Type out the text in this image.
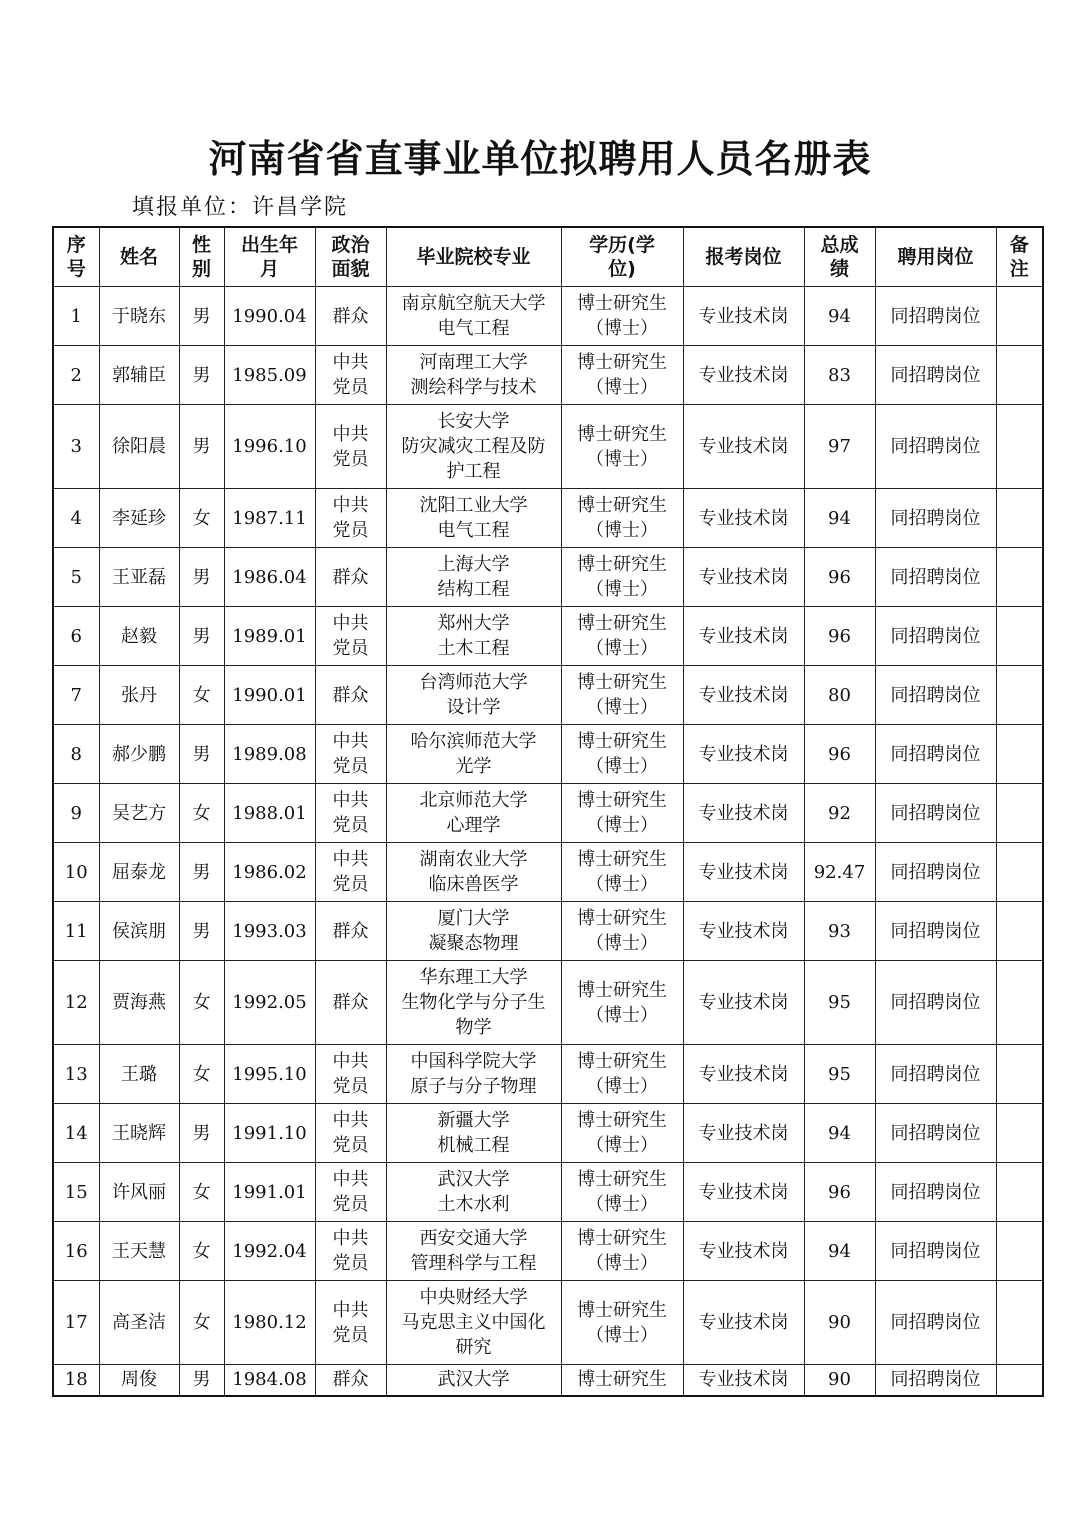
河南省省直事业单位拟聘用人员名册表
填报单位：许昌学院
序
号	姓名	性
别	出生年
月	政治
面貌	毕业院校专业	学历(学
位)	报考岗位	总成
绩	聘用岗位	备
注

1	于晓东	男	1990.04	群众	南京航空航天大学
电气工程	博士研究生
（博士）	专业技术岗	94	同招聘岗位	
2	郭辅臣	男	1985.09	中共
党员	河南理工大学
测绘科学与技术	博士研究生
（博士）	专业技术岗	83	同招聘岗位	
3	徐阳晨	男	1996.10	中共
党员	长安大学
防灾减灾工程及防
护工程	博士研究生
（博士）	专业技术岗	97	同招聘岗位	
4	李延珍	女	1987.11	中共
党员	沈阳工业大学
电气工程	博士研究生
（博士）	专业技术岗	94	同招聘岗位	
5	王亚磊	男	1986.04	群众	上海大学
结构工程	博士研究生
（博士）	专业技术岗	96	同招聘岗位	
6	赵毅	男	1989.01	中共
党员	郑州大学
土木工程	博士研究生
（博士）	专业技术岗	96	同招聘岗位	
7	张丹	女	1990.01	群众	台湾师范大学
设计学	博士研究生
（博士）	专业技术岗	80	同招聘岗位	
8	郝少鹏	男	1989.08	中共
党员	哈尔滨师范大学
光学	博士研究生
（博士）	专业技术岗	96	同招聘岗位	
9	吴艺方	女	1988.01	中共
党员	北京师范大学
心理学	博士研究生
（博士）	专业技术岗	92	同招聘岗位	
10	屈泰龙	男	1986.02	中共
党员	湖南农业大学
临床兽医学	博士研究生
（博士）	专业技术岗	92.47	同招聘岗位	
11	侯滨朋	男	1993.03	群众	厦门大学
凝聚态物理	博士研究生
（博士）	专业技术岗	93	同招聘岗位	
12	贾海燕	女	1992.05	群众	华东理工大学
生物化学与分子生
物学	博士研究生
（博士）	专业技术岗	95	同招聘岗位	
13	王璐	女	1995.10	中共
党员	中国科学院大学
原子与分子物理	博士研究生
（博士）	专业技术岗	95	同招聘岗位	
14	王晓辉	男	1991.10	中共
党员	新疆大学
机械工程	博士研究生
（博士）	专业技术岗	94	同招聘岗位	
15	许风丽	女	1991.01	中共
党员	武汉大学
土木水利	博士研究生
（博士）	专业技术岗	96	同招聘岗位	
16	王天慧	女	1992.04	中共
党员	西安交通大学
管理科学与工程	博士研究生
（博士）	专业技术岗	94	同招聘岗位	
17	高圣洁	女	1980.12	中共
党员	中央财经大学
马克思主义中国化
研究	博士研究生
（博士）	专业技术岗	90	同招聘岗位	
18	周俊	男	1984.08	群众	武汉大学	博士研究生	专业技术岗	90	同招聘岗位	
